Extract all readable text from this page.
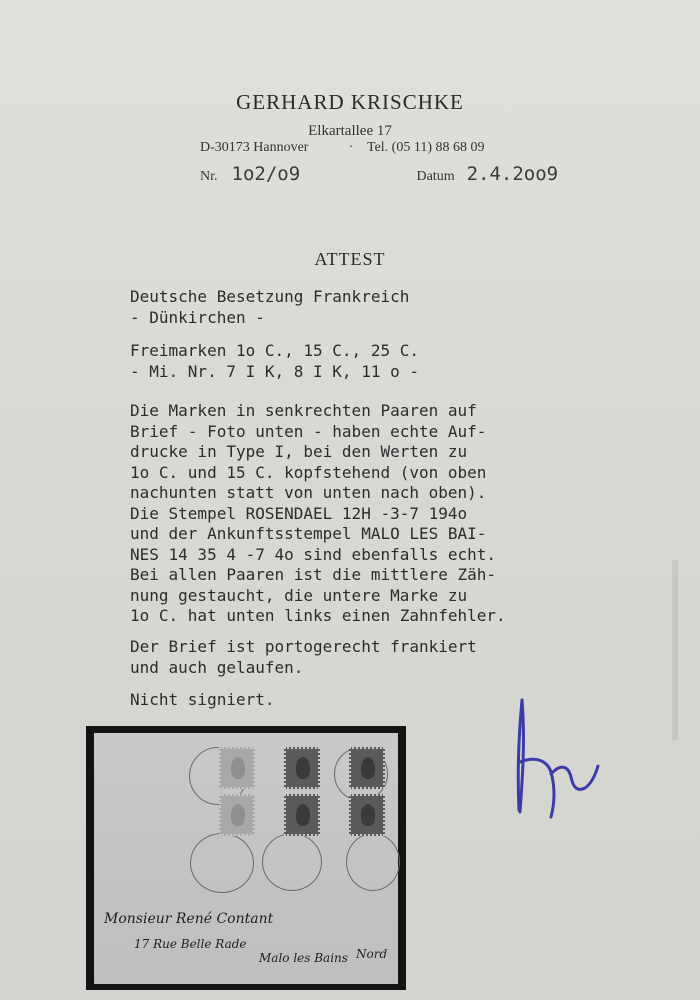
GERHARD KRISCHKE
Elkartallee 17
D-30173 Hannover	· Tel. (05 11) 88 68 09
Nr. 1o2/o9	Datum 2.4.2oo9
ATTEST
Deutsche Besetzung Frankreich
- Dünkirchen -
Freimarken 1o C., 15 C., 25 C.
- Mi. Nr. 7 I K, 8 I K, 11 o -
Die Marken in senkrechten Paaren auf
Brief - Foto unten - haben echte Auf-
drucke in Type I, bei den Werten zu
1o C. und 15 C. kopfstehend (von oben
nachunten statt von unten nach oben).
Die Stempel ROSENDAEL 12H -3-7 194o
und der Ankunftsstempel MALO LES BAI-
NES 14 35 4 -7 4o sind ebenfalls echt.
Bei allen Paaren ist die mittlere Zäh-
nung gestaucht, die untere Marke zu
1o C. hat unten links einen Zahnfehler.
Der Brief ist portogerecht frankiert
und auch gelaufen.
Nicht signiert.
Monsieur René Contant
17 Rue Belle Rade
Malo les Bains Nord
